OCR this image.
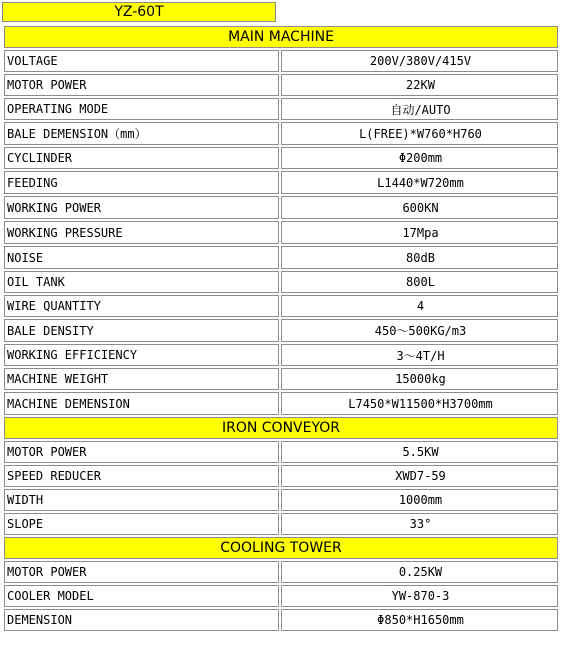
YZ-60T
MAIN MACHINE	
VOLTAGE	200V/380V/415V
MOTOR POWER	22KW
OPERATING MODE	自动/AUTO
BALE DEMENSION（mm）	L(FREE)*W760*H760
CYCLINDER	Φ200mm
FEEDING	L1440*W720mm
WORKING POWER	600KN
WORKING PRESSURE	17Mpa
NOISE	80dB
OIL TANK	800L
WIRE QUANTITY	4
BALE DENSITY	450～500KG/m3
WORKING EFFICIENCY	3～4T/H
MACHINE WEIGHT	15000kg
MACHINE DEMENSION	L7450*W11500*H3700mm
IRON CONVEYOR	
MOTOR POWER	5.5KW
SPEED REDUCER	XWD7-59
WIDTH	1000mm
SLOPE	33°
COOLING TOWER	
MOTOR POWER	0.25KW
COOLER MODEL	YW-870-3
DEMENSION	Φ850*H1650mm
